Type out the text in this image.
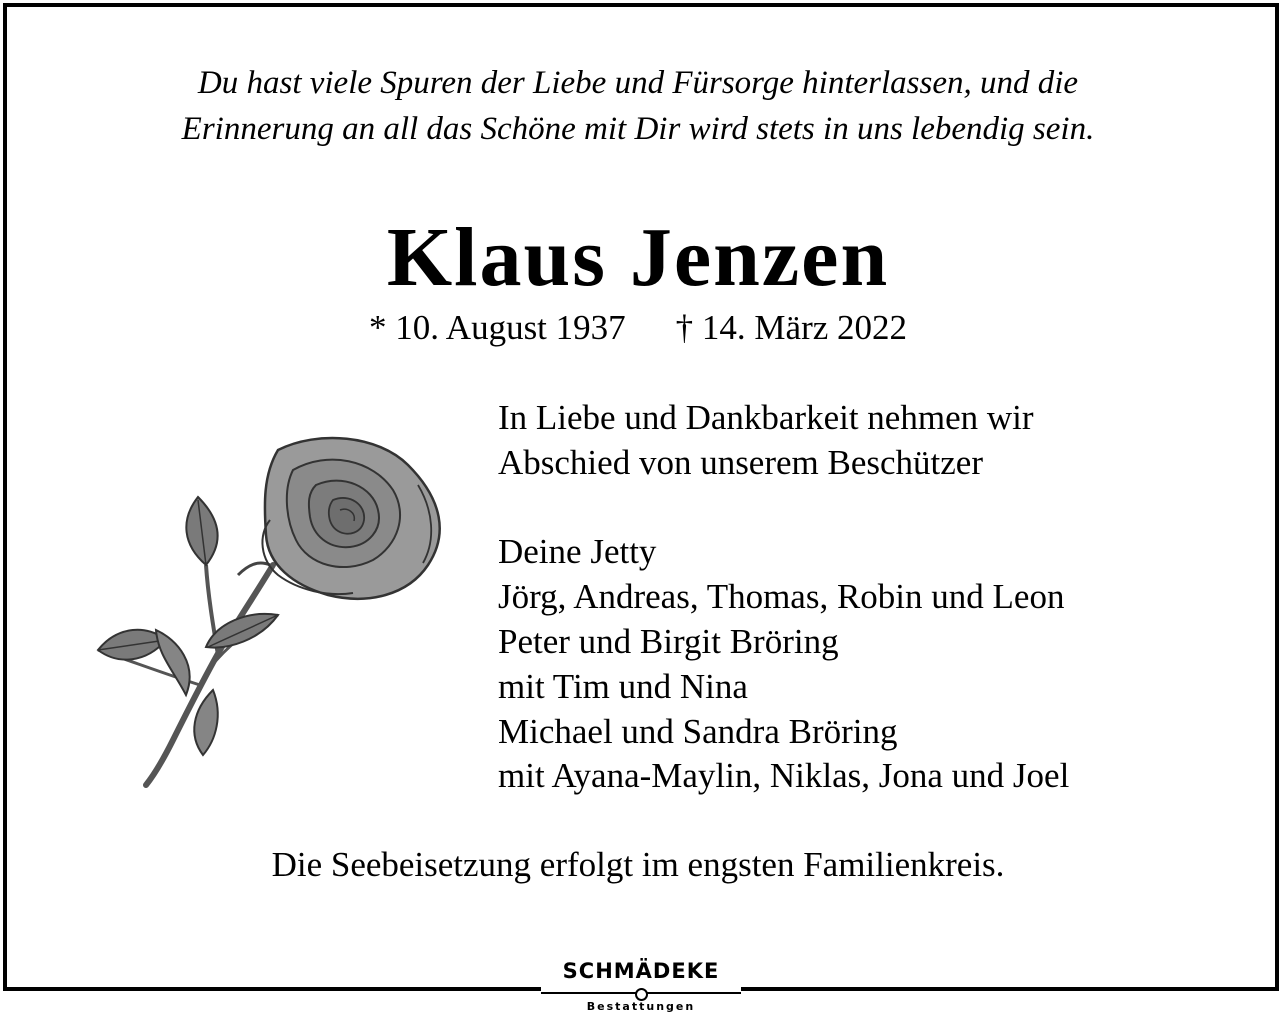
Du hast viele Spuren der Liebe und Fürsorge hinterlassen, und die
Erinnerung an all das Schöne mit Dir wird stets in uns lebendig sein.
Klaus Jenzen
* 10. August 1937 † 14. März 2022
In Liebe und Dankbarkeit nehmen wir
Abschied von unserem Beschützer
Deine Jetty
Jörg, Andreas, Thomas, Robin und Leon
Peter und Birgit Bröring
mit Tim und Nina
Michael und Sandra Bröring
mit Ayana-Maylin, Niklas, Jona und Joel
Die Seebeisetzung erfolgt im engsten Familienkreis.
SCHMÄDEKE
Bestattungen
